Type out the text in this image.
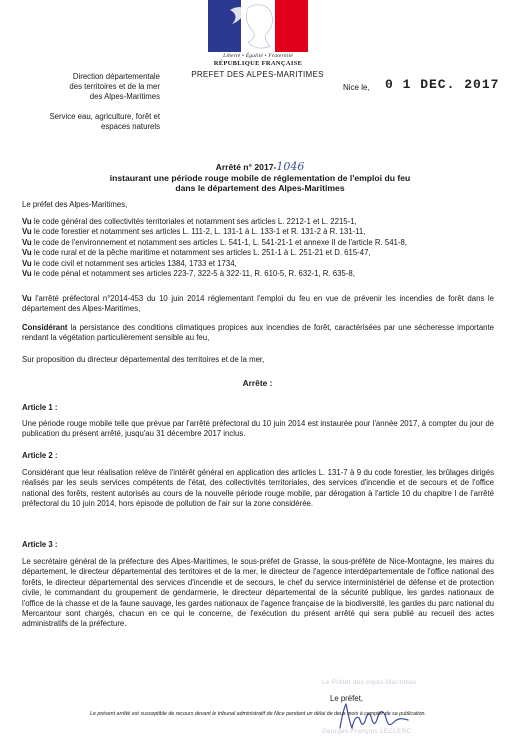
Liberté • Égalité • Fraternité
RÉPUBLIQUE FRANÇAISE
PREFET DES ALPES-MARITIMES
Direction départementale
des territoires et de la mer
des Alpes-Maritimes
Service eau, agriculture, forêt et
espaces naturels
Nice le, 0 1 DEC. 2017
Arrêté n° 2017-1046
instaurant une période rouge mobile de réglementation de l'emploi du feu
dans le département des Alpes-Maritimes
Le préfet des Alpes-Maritimes,

Vu le code général des collectivités territoriales et notamment ses articles L. 2212-1 et L. 2215-1,

Vu le code forestier et notamment ses articles L. 111-2, L. 131-1 à L. 133-1 et R. 131-2 à R. 131-11,

Vu le code de l'environnement et notamment ses articles L. 541-1, L. 541-21-1 et annexe II de l'article R. 541-8,

Vu le code rural et de la pêche maritime et notamment ses articles L. 251-1 à L. 251-21 et D. 615-47,

Vu le code civil et notamment ses articles 1384, 1733 et 1734,

Vu le code pénal et notamment ses articles 223-7, 322-5 à 322-11, R. 610-5, R. 632-1, R. 635-8,

Vu l'arrêté préfectoral n°2014-453 du 10 juin 2014 réglementant l'emploi du feu en vue de prévenir les incendies de forêt dans le département des Alpes-Maritimes,
Considérant la persistance des conditions climatiques propices aux incendies de forêt, caractérisées par une sécheresse importante rendant la végétation particulièrement sensible au feu,
Sur proposition du directeur départemental des territoires et de la mer,
Arrête :
Article 1 :
Une période rouge mobile telle que prévue par l'arrêté préfectoral du 10 juin 2014 est instaurée pour l'année 2017, à compter du jour de publication du présent arrêté, jusqu'au 31 décembre 2017 inclus.
Article 2 :
Considérant que leur réalisation relève de l'intérêt général en application des articles L. 131-7 à 9 du code forestier, les brûlages dirigés réalisés par les seuls services compétents de l'état, des collectivités territoriales, des services d'incendie et de secours et de l'office national des forêts, restent autorisés au cours de la nouvelle période rouge mobile, par dérogation à l'article 10 du chapitre I de l'arrêté préfectoral du 10 juin 2014, hors épisode de pollution de l'air sur la zone considérée.
Article 3 :
Le secrétaire général de la préfecture des Alpes-Maritimes, le sous-préfet de Grasse, la sous-préfète de Nice-Montagne, les maires du département, le directeur départemental des territoires et de la mer, le directeur de l'agence interdépartementale de l'office national des forêts, le directeur départemental des services d'incendie et de secours, le chef du service interministériel de défense et de protection civile, le commandant du groupement de gendarmerie, le directeur départemental de la sécurité publique, les gardes nationaux de l'office de la chasse et de la faune sauvage, les gardes nationaux de l'agence française de la biodiversité, les gardes du parc national du Mercantour sont chargés, chacun en ce qui le concerne, de l'exécution du présent arrêté qui sera publié au recueil des actes administratifs de la préfecture.
Le Préfet des Alpes-Maritimes
Le préfet,
Le présent arrêté est susceptible de recours devant le tribunal administratif de Nice pendant un délai de deux mois à compter de sa publication.
Georges-François LECLERC
